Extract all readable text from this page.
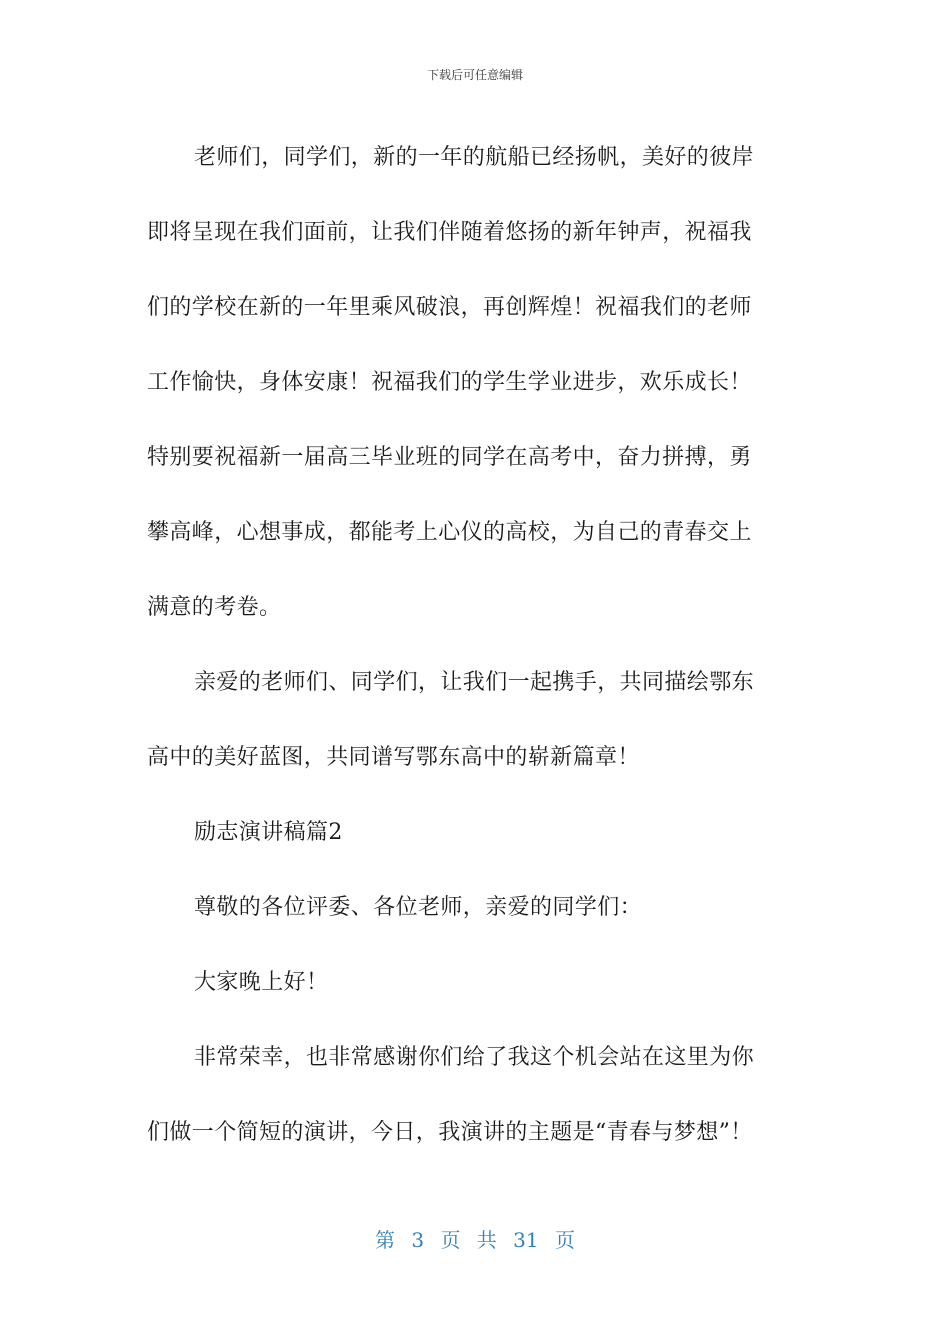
下载后可任意编辑

老师们，同学们，新的一年的航船已经扬帆，美好的彼岸

即将呈现在我们面前，让我们伴随着悠扬的新年钟声，祝福我

们的学校在新的一年里乘风破浪，再创辉煌！祝福我们的老师

工作愉快，身体安康！祝福我们的学生学业进步，欢乐成长！

特别要祝福新一届高三毕业班的同学在高考中，奋力拼搏，勇

攀高峰，心想事成，都能考上心仪的高校，为自己的青春交上

满意的考卷。

亲爱的老师们、同学们，让我们一起携手，共同描绘鄂东

高中的美好蓝图，共同谱写鄂东高中的崭新篇章！

励志演讲稿篇2

尊敬的各位评委、各位老师，亲爱的同学们：

大家晚上好！

非常荣幸，也非常感谢你们给了我这个机会站在这里为你

们做一个简短的演讲，今日，我演讲的主题是“青春与梦想”！

第 3 页 共 31 页
